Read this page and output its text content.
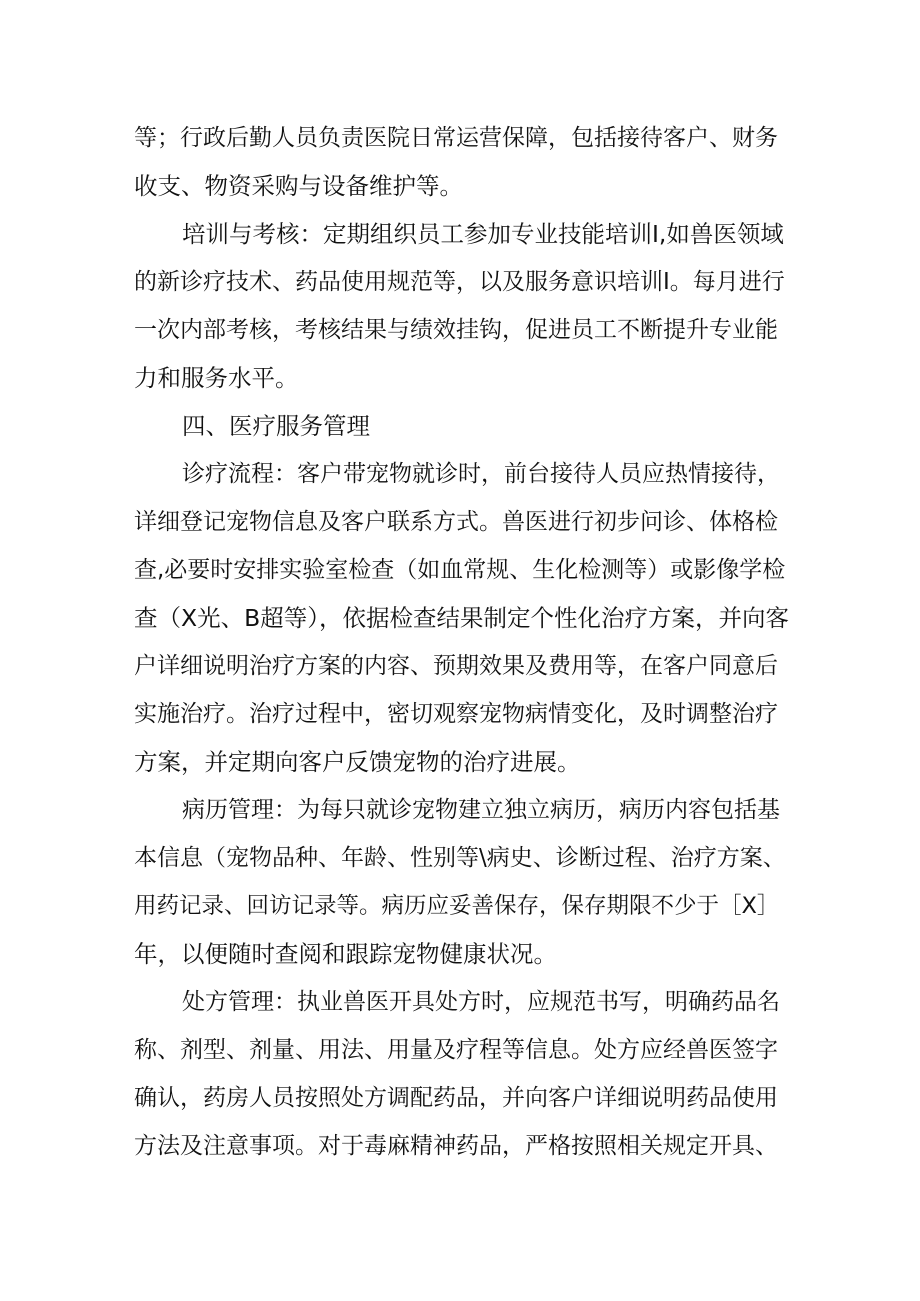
等；行政后勤人员负责医院日常运营保障，包括接待客户、财务
收支、物资采购与设备维护等。
培训与考核：定期组织员工参加专业技能培训I,如兽医领域
的新诊疗技术、药品使用规范等，以及服务意识培训I。每月进行
一次内部考核，考核结果与绩效挂钩，促进员工不断提升专业能
力和服务水平。
四、医疗服务管理
诊疗流程：客户带宠物就诊时，前台接待人员应热情接待，
详细登记宠物信息及客户联系方式。兽医进行初步问诊、体格检
查,必要时安排实验室检查（如血常规、生化检测等）或影像学检
查（X光、B超等），依据检查结果制定个性化治疗方案，并向客
户详细说明治疗方案的内容、预期效果及费用等，在客户同意后
实施治疗。治疗过程中，密切观察宠物病情变化，及时调整治疗
方案，并定期向客户反馈宠物的治疗进展。
病历管理：为每只就诊宠物建立独立病历，病历内容包括基
本信息（宠物品种、年龄、性别等\病史、诊断过程、治疗方案、
用药记录、回访记录等。病历应妥善保存，保存期限不少于［X］
年，以便随时查阅和跟踪宠物健康状况。
处方管理：执业兽医开具处方时，应规范书写，明确药品名
称、剂型、剂量、用法、用量及疗程等信息。处方应经兽医签字
确认，药房人员按照处方调配药品，并向客户详细说明药品使用
方法及注意事项。对于毒麻精神药品，严格按照相关规定开具、
